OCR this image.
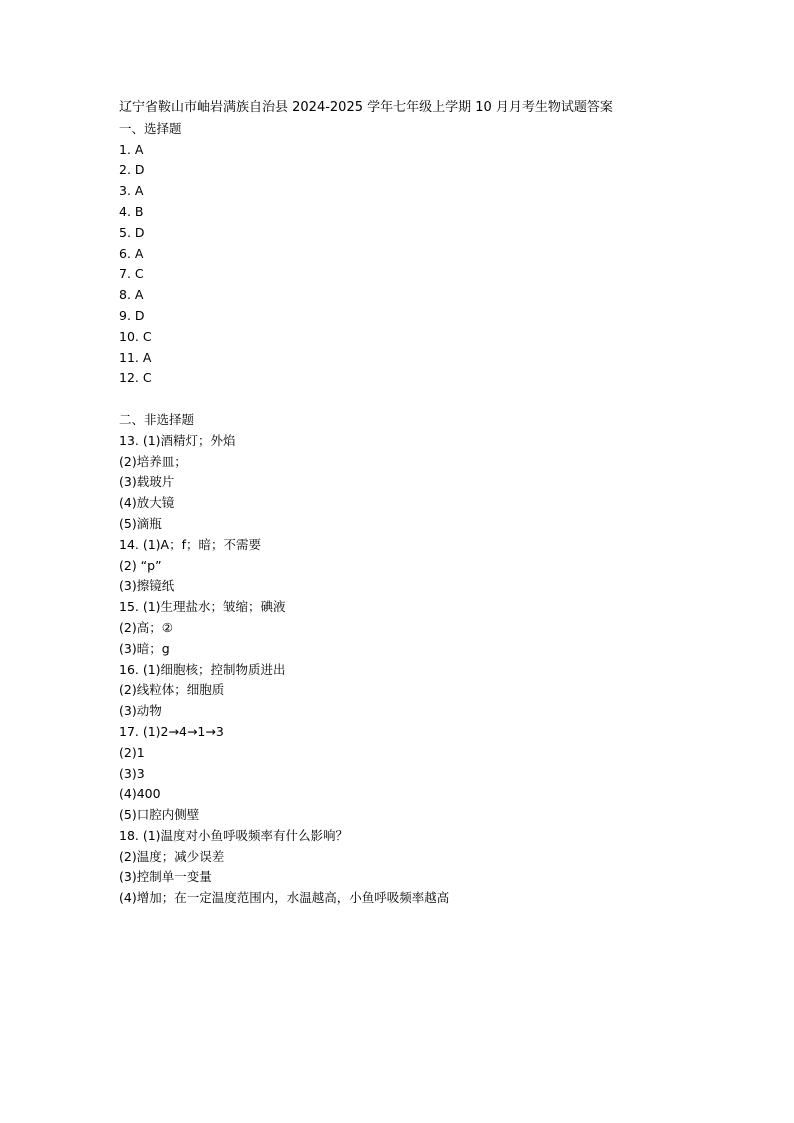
辽宁省鞍山市岫岩满族自治县 2024-2025 学年七年级上学期 10 月月考生物试题答案
一、选择题
1. A
2. D
3. A
4. B
5. D
6. A
7. C
8. A
9. D
10. C
11. A
12. C
二、非选择题
13. (1)酒精灯；外焰
(2)培养皿；
(3)载玻片
(4)放大镜
(5)滴瓶
14. (1)A；f；暗；不需要
(2) “p”
(3)擦镜纸
15. (1)生理盐水；皱缩；碘液
(2)高；②
(3)暗；g
16. (1)细胞核；控制物质进出
(2)线粒体；细胞质
(3)动物
17. (1)2→4→1→3
(2)1
(3)3
(4)400
(5)口腔内侧壁
18. (1)温度对小鱼呼吸频率有什么影响？
(2)温度；减少误差
(3)控制单一变量
(4)增加；在一定温度范围内，水温越高，小鱼呼吸频率越高
